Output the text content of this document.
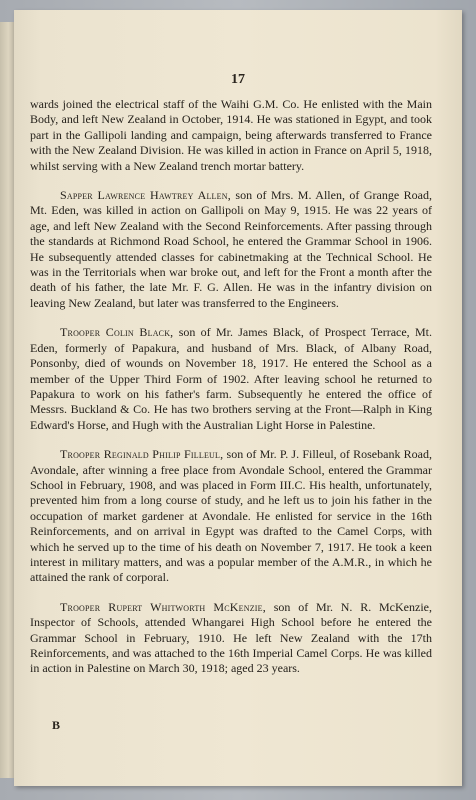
17

wards joined the electrical staff of the Waihi G.M. Co. He enlisted with the Main Body, and left New Zealand in October, 1914. He was stationed in Egypt, and took part in the Gallipoli landing and campaign, being afterwards transferred to France with the New Zealand Division. He was killed in action in France on April 5, 1918, whilst serving with a New Zealand trench mortar battery.

Sapper Lawrence Hawtrey Allen, son of Mrs. M. Allen, of Grange Road, Mt. Eden, was killed in action on Gallipoli on May 9, 1915. He was 22 years of age, and left New Zealand with the Second Reinforcements. After passing through the standards at Richmond Road School, he entered the Grammar School in 1906. He subsequently attended classes for cabinetmaking at the Technical School. He was in the Territorials when war broke out, and left for the Front a month after the death of his father, the late Mr. F. G. Allen. He was in the infantry division on leaving New Zealand, but later was transferred to the Engineers.

Trooper Colin Black, son of Mr. James Black, of Prospect Terrace, Mt. Eden, formerly of Papakura, and husband of Mrs. Black, of Albany Road, Ponsonby, died of wounds on November 18, 1917. He entered the School as a member of the Upper Third Form of 1902. After leaving school he returned to Papakura to work on his father's farm. Subsequently he entered the office of Messrs. Buckland & Co. He has two brothers serving at the Front—Ralph in King Edward's Horse, and Hugh with the Australian Light Horse in Palestine.

Trooper Reginald Philip Filleul, son of Mr. P. J. Filleul, of Rosebank Road, Avondale, after winning a free place from Avondale School, entered the Grammar School in February, 1908, and was placed in Form III.C. His health, unfortunately, prevented him from a long course of study, and he left us to join his father in the occupation of market gardener at Avondale. He enlisted for service in the 16th Reinforcements, and on arrival in Egypt was drafted to the Camel Corps, with which he served up to the time of his death on November 7, 1917. He took a keen interest in military matters, and was a popular member of the A.M.R., in which he attained the rank of corporal.

Trooper Rupert Whitworth McKenzie, son of Mr. N. R. McKenzie, Inspector of Schools, attended Whangarei High School before he entered the Grammar School in February, 1910. He left New Zealand with the 17th Reinforcements, and was attached to the 16th Imperial Camel Corps. He was killed in action in Palestine on March 30, 1918; aged 23 years.

B
